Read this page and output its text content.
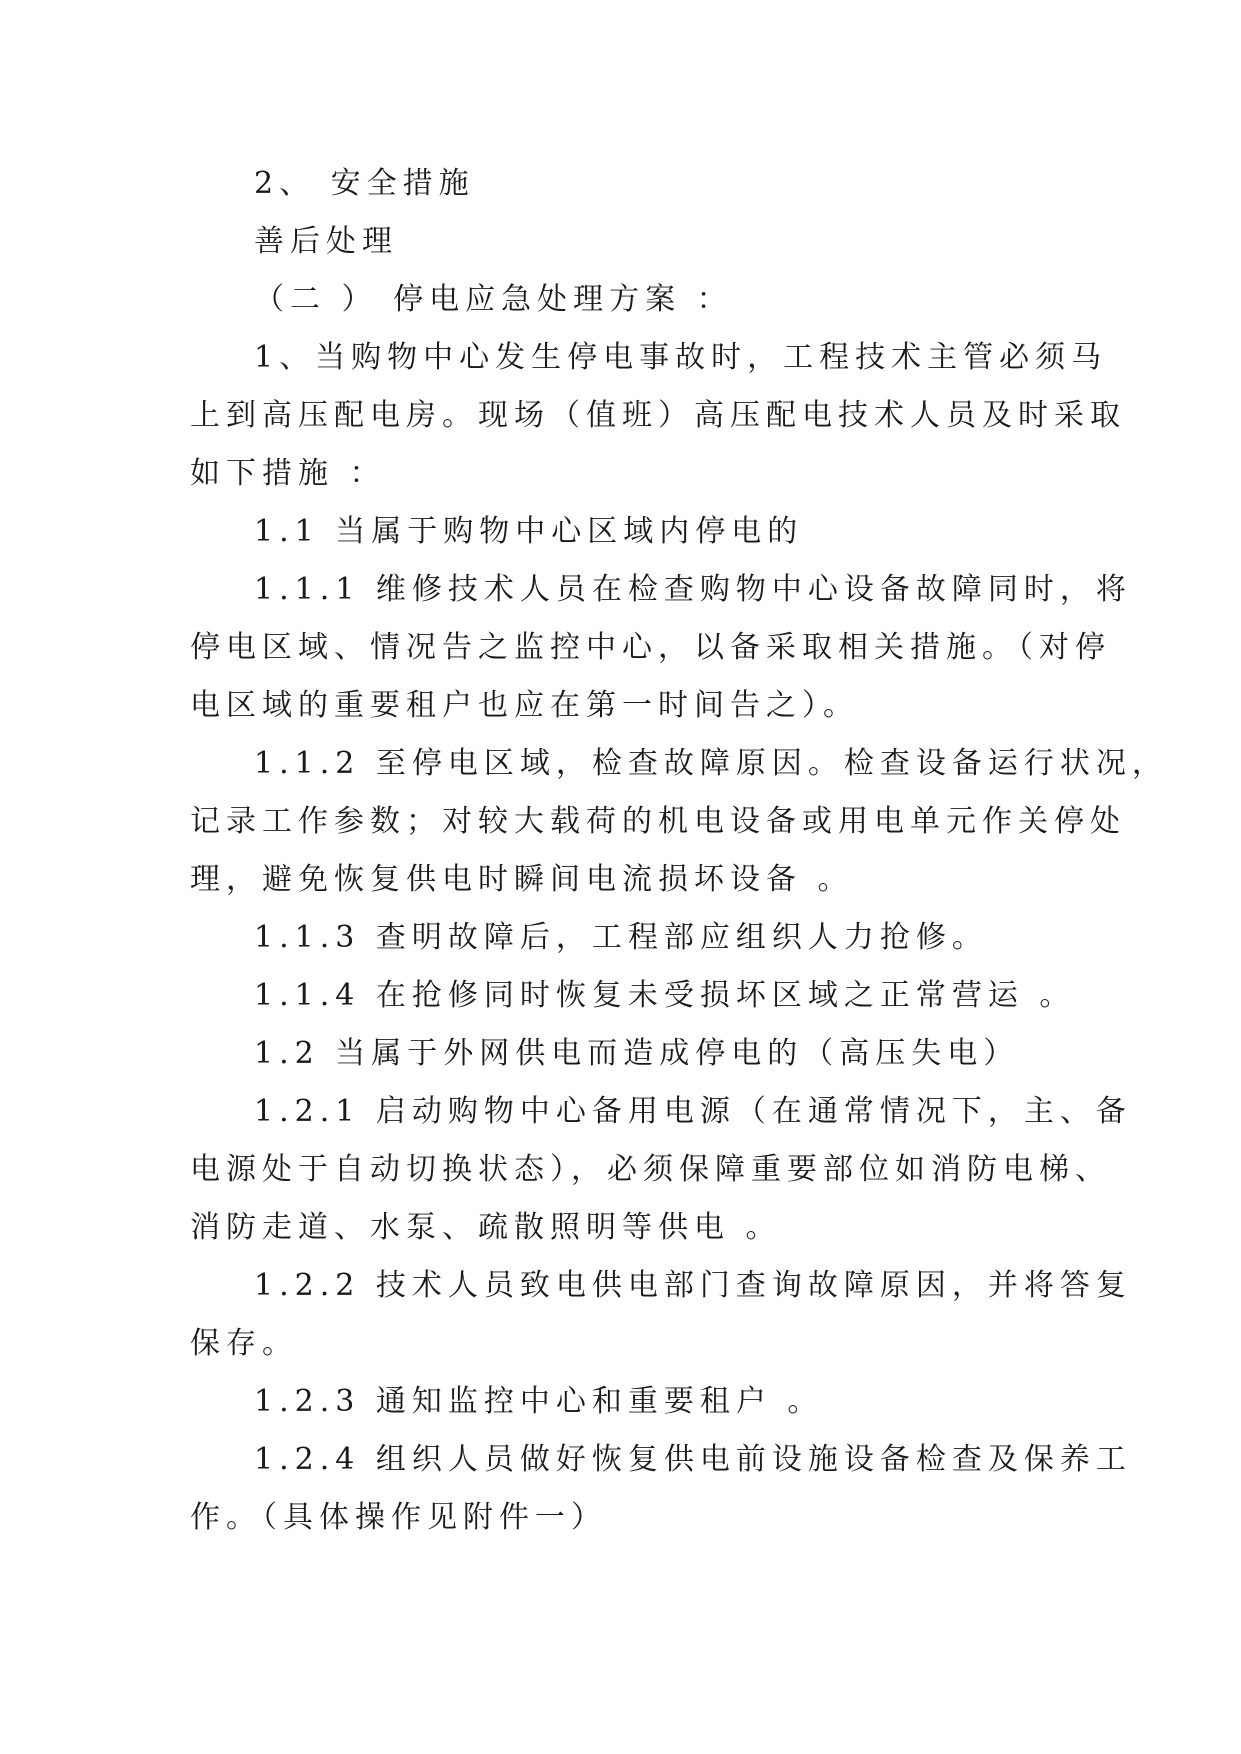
2、 安全措施
善后处理
（二 ） 停电应急处理方案 ：
1、当购物中心发生停电事故时，工程技术主管必须马
上到高压配电房。现场（值班）高压配电技术人员及时采取
如下措施 ：
1.1 当属于购物中心区域内停电的
1.1.1 维修技术人员在检查购物中心设备故障同时，将
停电区域、情况告之监控中心，以备采取相关措施。（对停
电区域的重要租户也应在第一时间告之）。
1.1.2 至停电区域，检查故障原因。检查设备运行状况，
记录工作参数；对较大载荷的机电设备或用电单元作关停处
理，避免恢复供电时瞬间电流损坏设备 。
1.1.3 查明故障后，工程部应组织人力抢修。
1.1.4 在抢修同时恢复未受损坏区域之正常营运 。
1.2 当属于外网供电而造成停电的（高压失电）
1.2.1 启动购物中心备用电源（在通常情况下，主、备
电源处于自动切换状态），必须保障重要部位如消防电梯、
消防走道、水泵、疏散照明等供电 。
1.2.2 技术人员致电供电部门查询故障原因，并将答复
保存。
1.2.3 通知监控中心和重要租户 。
1.2.4 组织人员做好恢复供电前设施设备检查及保养工
作。（具体操作见附件一）
